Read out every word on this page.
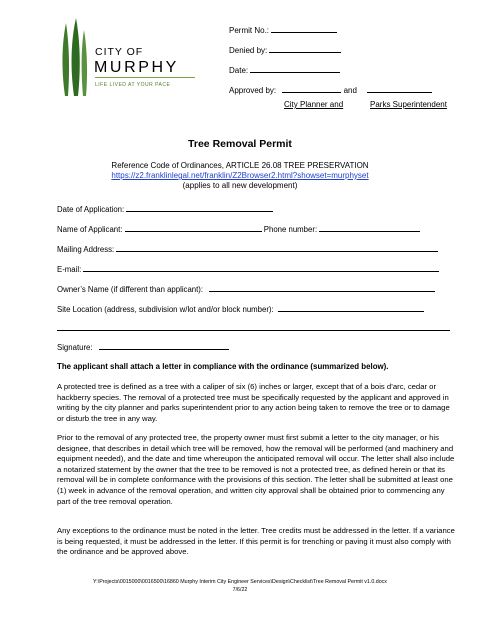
CITY OF
MURPHY
LIFE LIVED AT YOUR PACE
Permit No.:
Denied by:
Date:
Approved by:	and
City Planner and	Parks Superintendent
Tree Removal Permit
Reference Code of Ordinances, ARTICLE 26.08 TREE PRESERVATION
https://z2.franklinlegal.net/franklin/Z2Browser2.html?showset=murphyset
(applies to all new development)
Date of Application:
Name of Applicant:	Phone number:
Mailing Address:
E-mail:
Owner’s Name (if different than applicant):
Site Location (address, subdivision w/lot and/or block number):
Signature:
The applicant shall attach a letter in compliance with the ordinance (summarized below).
A protected tree is defined as a tree with a caliper of six (6) inches or larger, except that of a bois d’arc, cedar or hackberry species. The removal of a protected tree must be specifically requested by the applicant and approved in writing by the city planner and parks superintendent prior to any action being taken to remove the tree or to damage or disturb the tree in any way.
Prior to the removal of any protected tree, the property owner must first submit a letter to the city manager, or his designee, that describes in detail which tree will be removed, how the removal will be performed (and machinery and equipment needed), and the date and time whereupon the anticipated removal will occur. The letter shall also include a notarized statement by the owner that the tree to be removed is not a protected tree, as defined herein or that its removal will be in complete conformance with the provisions of this section. The letter shall be submitted at least one (1) week in advance of the removal operation, and written city approval shall be obtained prior to commencing any part of the tree removal operation.
Any exceptions to the ordinance must be noted in the letter. Tree credits must be addressed in the letter. If a variance is being requested, it must be addressed in the letter. If this permit is for trenching or paving it must also comply with the ordinance and be approved above.
Y:\Projects\0015000\0016500\16860 Murphy Interim City Engineer Services\Design\Checklist\Tree Removal Permit v1.0.docx
7/6/22
